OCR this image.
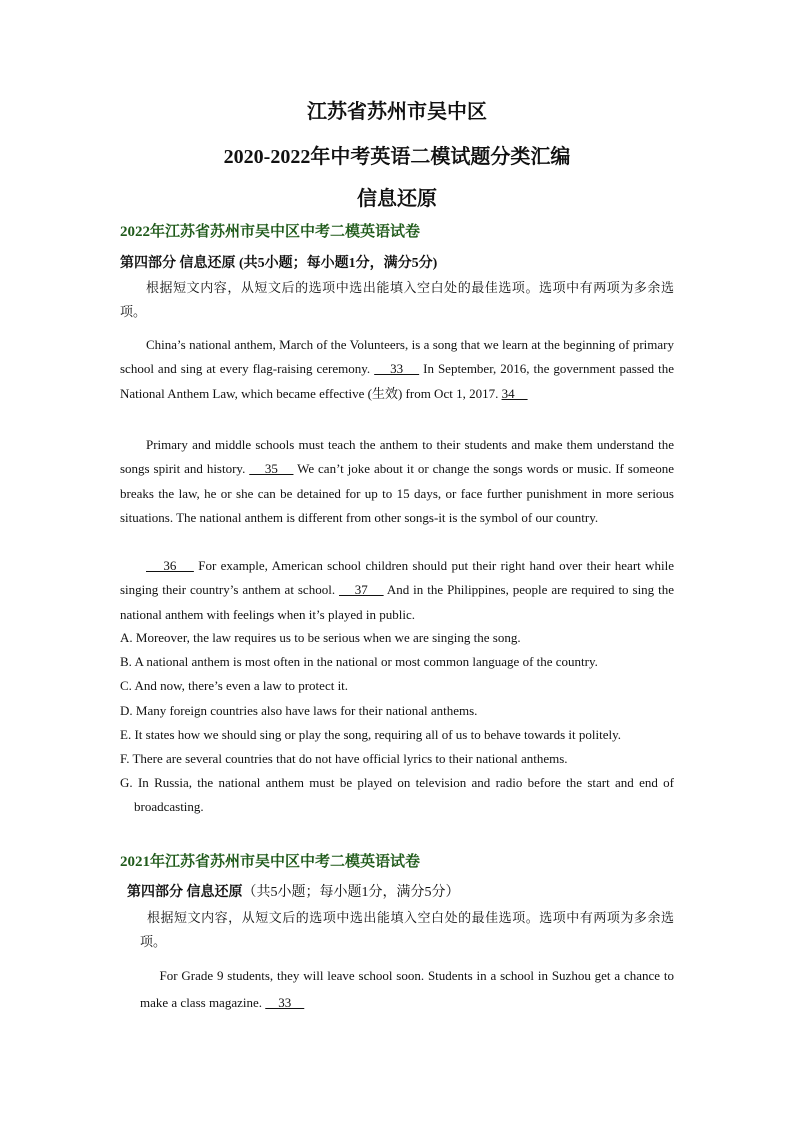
江苏省苏州市吴中区
2020-2022年中考英语二模试题分类汇编
信息还原

2022年江苏省苏州市吴中区中考二模英语试卷

第四部分 信息还原 (共5小题；每小题1分，满分5分)

根据短文内容，从短文后的选项中选出能填入空白处的最佳选项。选项中有两项为多余选项。

China’s national anthem, March of the Volunteers, is a song that we learn at the beginning of primary school and sing at every flag-raising ceremony.     33     In September, 2016, the government passed the National Anthem Law, which became effective (生效) from Oct 1, 2017. 34

Primary and middle schools must teach the anthem to their students and make them understand the songs spirit and history.     35     We can’t joke about it or change the songs words or music. If someone breaks the law, he or she can be detained for up to 15 days, or face further punishment in more serious situations. The national anthem is different from other songs-it is the symbol of our country.

36     For example, American school children should put their right hand over their heart while singing their country’s anthem at school.     37     And in the Philippines, people are required to sing the national anthem with feelings when it’s played in public.

A. Moreover, the law requires us to be serious when we are singing the song.

B. A national anthem is most often in the national or most common language of the country.

C. And now, there’s even a law to protect it.

D. Many foreign countries also have laws for their national anthems.

E. It states how we should sing or play the song, requiring all of us to behave towards it politely.

F. There are several countries that do not have official lyrics to their national anthems.

G. In Russia, the national anthem must be played on television and radio before the start and end of broadcasting.

2021年江苏省苏州市吴中区中考二模英语试卷

第四部分 信息还原（共5小题；每小题1分，满分5分）

根据短文内容，从短文后的选项中选出能填入空白处的最佳选项。选项中有两项为多余选项。

For Grade 9 students, they will leave school soon. Students in a school in Suzhou get a chance to make a class magazine.     33
